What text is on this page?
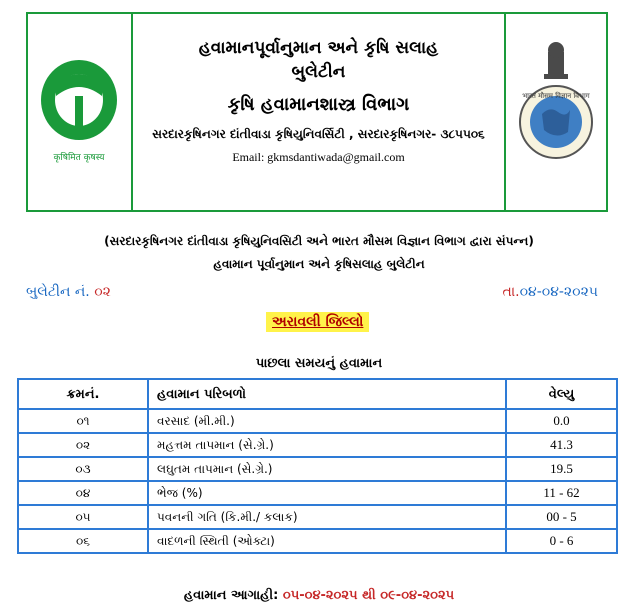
कृषिमित कृषस्य
હવામાનપૂર્વાનુમાન અને કૃષિ સલાહ
બુલેટીન
કૃષિ હવામાનશાસ્ત્ર વિભાગ
સરદારકૃષિનગર દાંતીવાડા કૃષિયુનિવર્સિટી , સરદારકૃષિનગર- ૩૮૫૫૦૬
Email: gkmsdantiwada@gmail.com
भारत मौसम विज्ञान विभाग
(સરદારકૃષિનગર દાંતીવાડા કૃષિયુનિવસિટી અને ભારત મૌસમ વિજ્ઞાન વિભાગ દ્વારા સંપન્ન)
હવામાન પૂર્વાનુમાન અને કૃષિસલાહ બુલેટીન
બુલેટીન નં. ૦૨	તા.૦૪-૦૪-૨૦૨૫
અરાવલી જિલ્લો
પાછલા સમયનું હવામાન
ક્રમનં.	હવામાન પરિબળો	વેલ્યુ
૦૧	વરસાદ (મી.મી.)	0.0
૦૨	મહત્તમ તાપમાન (સે.ગ્રે.)	41.3
૦૩	લઘુતમ તાપમાન (સે.ગ્રે.)	19.5
૦૪	ભેજ (%)	11 - 62
૦૫	પવનની ગતિ (કિ.મી./ કલાક)	00 - 5
૦૬	વાદળની સ્થિતી (ઓક્ટા)	0 - 6
હવામાન આગાહી: ૦૫-૦૪-૨૦૨૫ થી ૦૯-૦૪-૨૦૨૫
